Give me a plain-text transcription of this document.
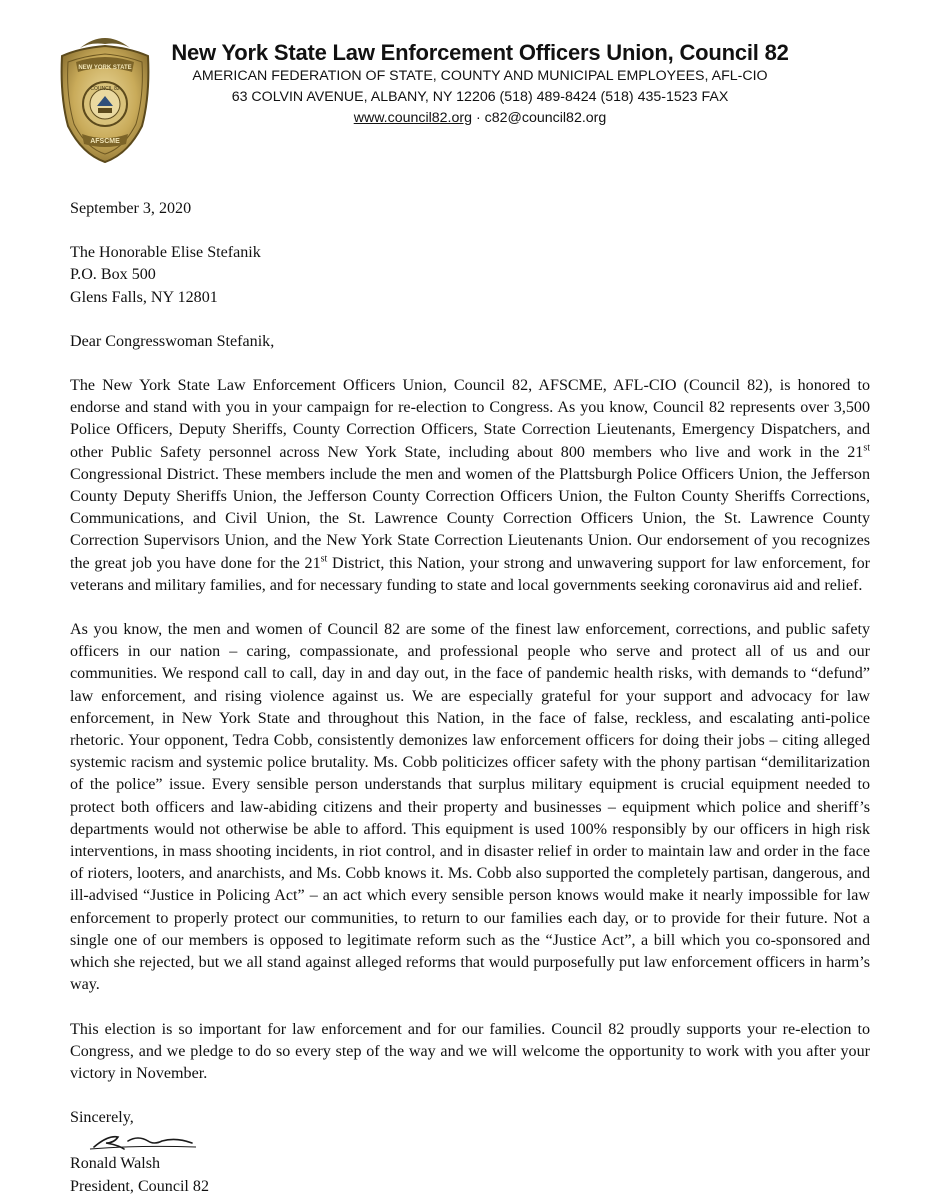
NEW YORK STATE
COUNCIL 82
AFSCME
New York State Law Enforcement Officers Union, Council 82
AMERICAN FEDERATION OF STATE, COUNTY AND MUNICIPAL EMPLOYEES, AFL-CIO
63 COLVIN AVENUE, ALBANY, NY 12206 (518) 489-8424 (518) 435-1523 FAX
www.council82.org · c82@council82.org

September 3, 2020

The Honorable Elise Stefanik

P.O. Box 500

Glens Falls, NY 12801

Dear Congresswoman Stefanik,

The New York State Law Enforcement Officers Union, Council 82, AFSCME, AFL-CIO (Council 82), is honored to endorse and stand with you in your campaign for re-election to Congress. As you know, Council 82 represents over 3,500 Police Officers, Deputy Sheriffs, County Correction Officers, State Correction Lieutenants, Emergency Dispatchers, and other Public Safety personnel across New York State, including about 800 members who live and work in the 21st Congressional District. These members include the men and women of the Plattsburgh Police Officers Union, the Jefferson County Deputy Sheriffs Union, the Jefferson County Correction Officers Union, the Fulton County Sheriffs Corrections, Communications, and Civil Union, the St. Lawrence County Correction Officers Union, the St. Lawrence County Correction Supervisors Union, and the New York State Correction Lieutenants Union. Our endorsement of you recognizes the great job you have done for the 21st District, this Nation, your strong and unwavering support for law enforcement, for veterans and military families, and for necessary funding to state and local governments seeking coronavirus aid and relief.

As you know, the men and women of Council 82 are some of the finest law enforcement, corrections, and public safety officers in our nation – caring, compassionate, and professional people who serve and protect all of us and our communities. We respond call to call, day in and day out, in the face of pandemic health risks, with demands to “defund” law enforcement, and rising violence against us. We are especially grateful for your support and advocacy for law enforcement, in New York State and throughout this Nation, in the face of false, reckless, and escalating anti-police rhetoric. Your opponent, Tedra Cobb, consistently demonizes law enforcement officers for doing their jobs – citing alleged systemic racism and systemic police brutality. Ms. Cobb politicizes officer safety with the phony partisan “demilitarization of the police” issue. Every sensible person understands that surplus military equipment is crucial equipment needed to protect both officers and law-abiding citizens and their property and businesses – equipment which police and sheriff’s departments would not otherwise be able to afford. This equipment is used 100% responsibly by our officers in high risk interventions, in mass shooting incidents, in riot control, and in disaster relief in order to maintain law and order in the face of rioters, looters, and anarchists, and Ms. Cobb knows it. Ms. Cobb also supported the completely partisan, dangerous, and ill-advised “Justice in Policing Act” – an act which every sensible person knows would make it nearly impossible for law enforcement to properly protect our communities, to return to our families each day, or to provide for their future. Not a single one of our members is opposed to legitimate reform such as the “Justice Act”, a bill which you co-sponsored and which she rejected, but we all stand against alleged reforms that would purposefully put law enforcement officers in harm’s way.

This election is so important for law enforcement and for our families. Council 82 proudly supports your re-election to Congress, and we pledge to do so every step of the way and we will welcome the opportunity to work with you after your victory in November.

Sincerely,

Ronald Walsh

President, Council 82
